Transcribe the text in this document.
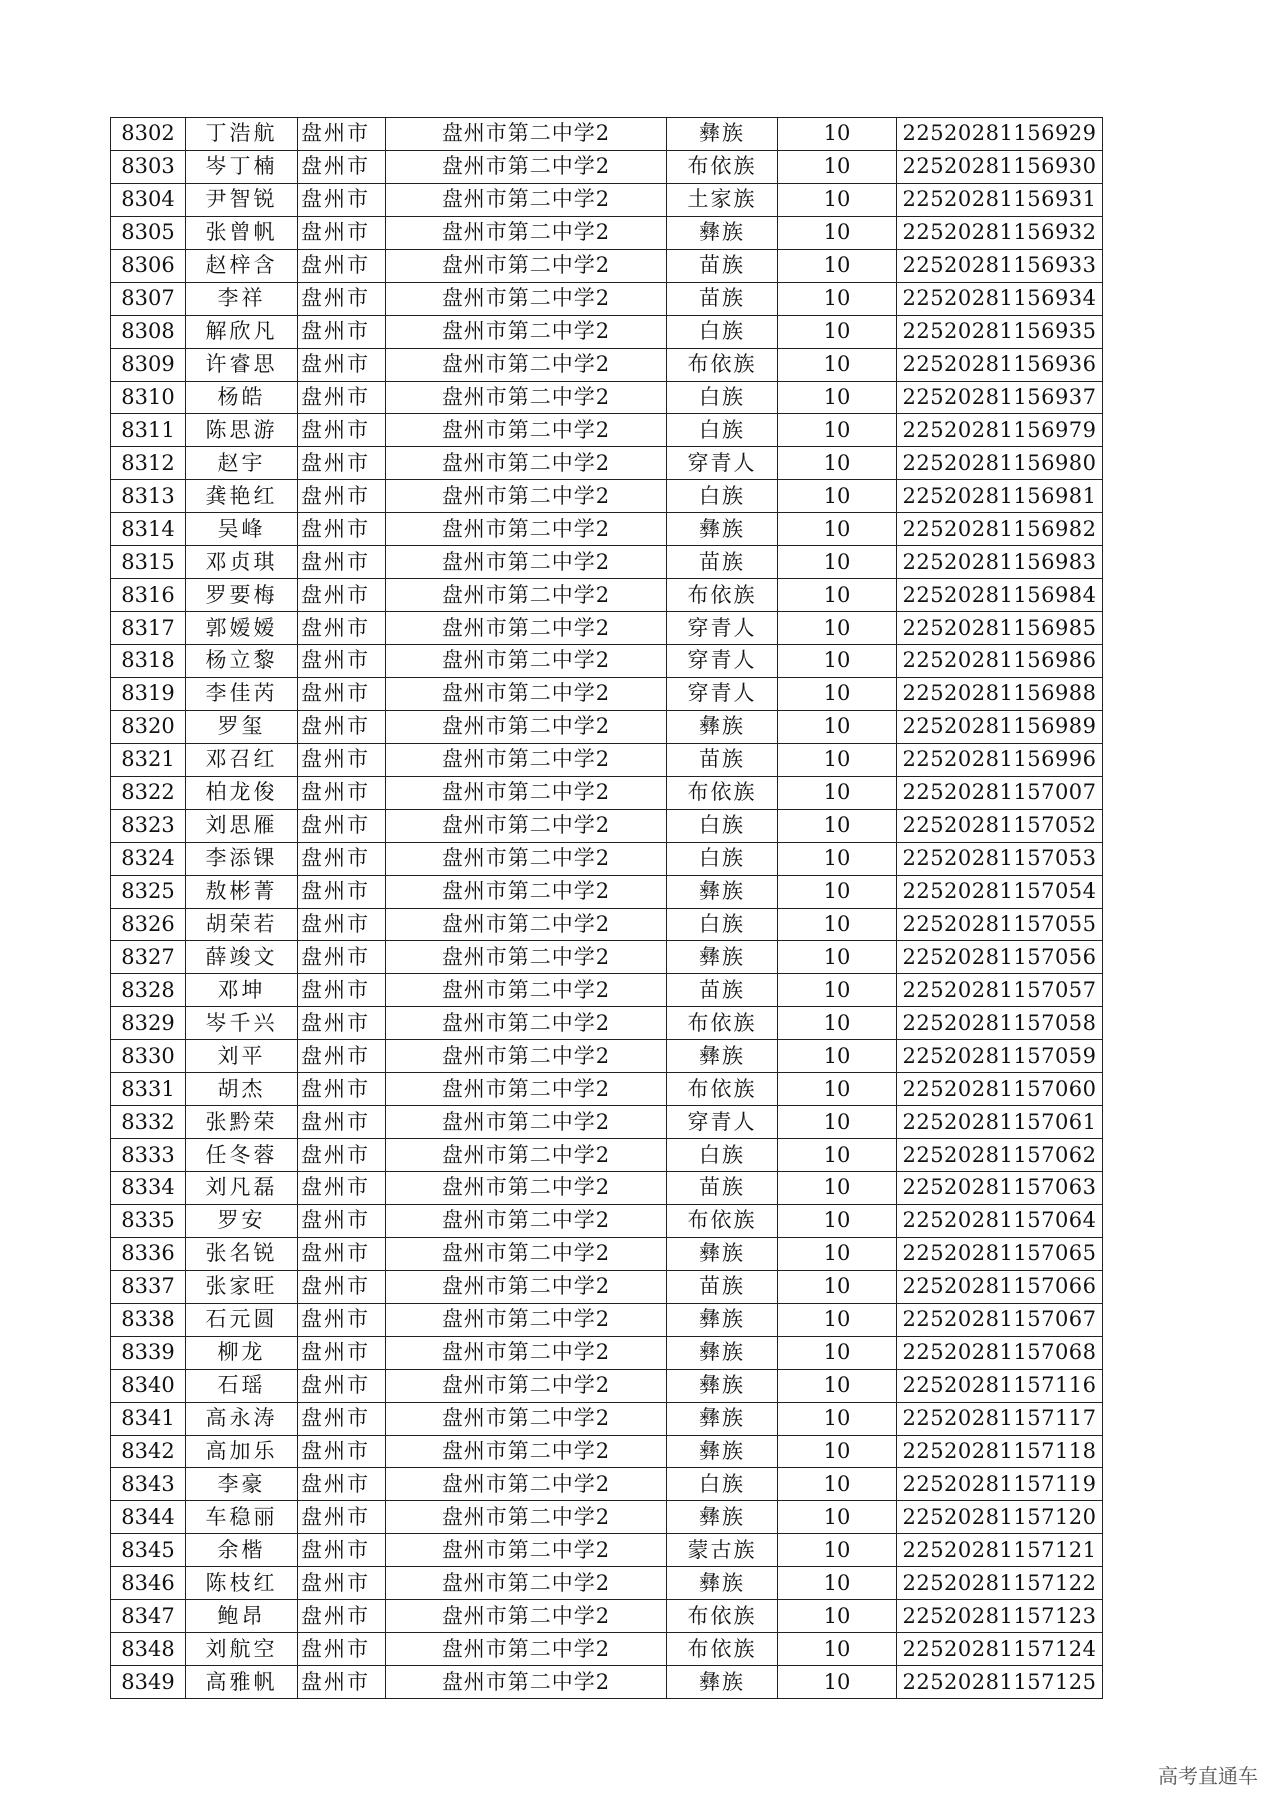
8302	丁浩航	盘州市	盘州市第二中学2	彝族	10	22520281156929
8303	岑丁楠	盘州市	盘州市第二中学2	布依族	10	22520281156930
8304	尹智锐	盘州市	盘州市第二中学2	土家族	10	22520281156931
8305	张曾帆	盘州市	盘州市第二中学2	彝族	10	22520281156932
8306	赵梓含	盘州市	盘州市第二中学2	苗族	10	22520281156933
8307	李祥	盘州市	盘州市第二中学2	苗族	10	22520281156934
8308	解欣凡	盘州市	盘州市第二中学2	白族	10	22520281156935
8309	许睿思	盘州市	盘州市第二中学2	布依族	10	22520281156936
8310	杨皓	盘州市	盘州市第二中学2	白族	10	22520281156937
8311	陈思游	盘州市	盘州市第二中学2	白族	10	22520281156979
8312	赵宇	盘州市	盘州市第二中学2	穿青人	10	22520281156980
8313	龚艳红	盘州市	盘州市第二中学2	白族	10	22520281156981
8314	吴峰	盘州市	盘州市第二中学2	彝族	10	22520281156982
8315	邓贞琪	盘州市	盘州市第二中学2	苗族	10	22520281156983
8316	罗要梅	盘州市	盘州市第二中学2	布依族	10	22520281156984
8317	郭嫒嫒	盘州市	盘州市第二中学2	穿青人	10	22520281156985
8318	杨立黎	盘州市	盘州市第二中学2	穿青人	10	22520281156986
8319	李佳芮	盘州市	盘州市第二中学2	穿青人	10	22520281156988
8320	罗玺	盘州市	盘州市第二中学2	彝族	10	22520281156989
8321	邓召红	盘州市	盘州市第二中学2	苗族	10	22520281156996
8322	柏龙俊	盘州市	盘州市第二中学2	布依族	10	22520281157007
8323	刘思雁	盘州市	盘州市第二中学2	白族	10	22520281157052
8324	李添锞	盘州市	盘州市第二中学2	白族	10	22520281157053
8325	敖彬菁	盘州市	盘州市第二中学2	彝族	10	22520281157054
8326	胡荣若	盘州市	盘州市第二中学2	白族	10	22520281157055
8327	薛竣文	盘州市	盘州市第二中学2	彝族	10	22520281157056
8328	邓坤	盘州市	盘州市第二中学2	苗族	10	22520281157057
8329	岑千兴	盘州市	盘州市第二中学2	布依族	10	22520281157058
8330	刘平	盘州市	盘州市第二中学2	彝族	10	22520281157059
8331	胡杰	盘州市	盘州市第二中学2	布依族	10	22520281157060
8332	张黔荣	盘州市	盘州市第二中学2	穿青人	10	22520281157061
8333	任冬蓉	盘州市	盘州市第二中学2	白族	10	22520281157062
8334	刘凡磊	盘州市	盘州市第二中学2	苗族	10	22520281157063
8335	罗安	盘州市	盘州市第二中学2	布依族	10	22520281157064
8336	张名锐	盘州市	盘州市第二中学2	彝族	10	22520281157065
8337	张家旺	盘州市	盘州市第二中学2	苗族	10	22520281157066
8338	石元圆	盘州市	盘州市第二中学2	彝族	10	22520281157067
8339	柳龙	盘州市	盘州市第二中学2	彝族	10	22520281157068
8340	石瑶	盘州市	盘州市第二中学2	彝族	10	22520281157116
8341	高永涛	盘州市	盘州市第二中学2	彝族	10	22520281157117
8342	高加乐	盘州市	盘州市第二中学2	彝族	10	22520281157118
8343	李豪	盘州市	盘州市第二中学2	白族	10	22520281157119
8344	车稳丽	盘州市	盘州市第二中学2	彝族	10	22520281157120
8345	余楷	盘州市	盘州市第二中学2	蒙古族	10	22520281157121
8346	陈枝红	盘州市	盘州市第二中学2	彝族	10	22520281157122
8347	鲍昂	盘州市	盘州市第二中学2	布依族	10	22520281157123
8348	刘航空	盘州市	盘州市第二中学2	布依族	10	22520281157124
8349	高雅帆	盘州市	盘州市第二中学2	彝族	10	22520281157125
高考直通车
